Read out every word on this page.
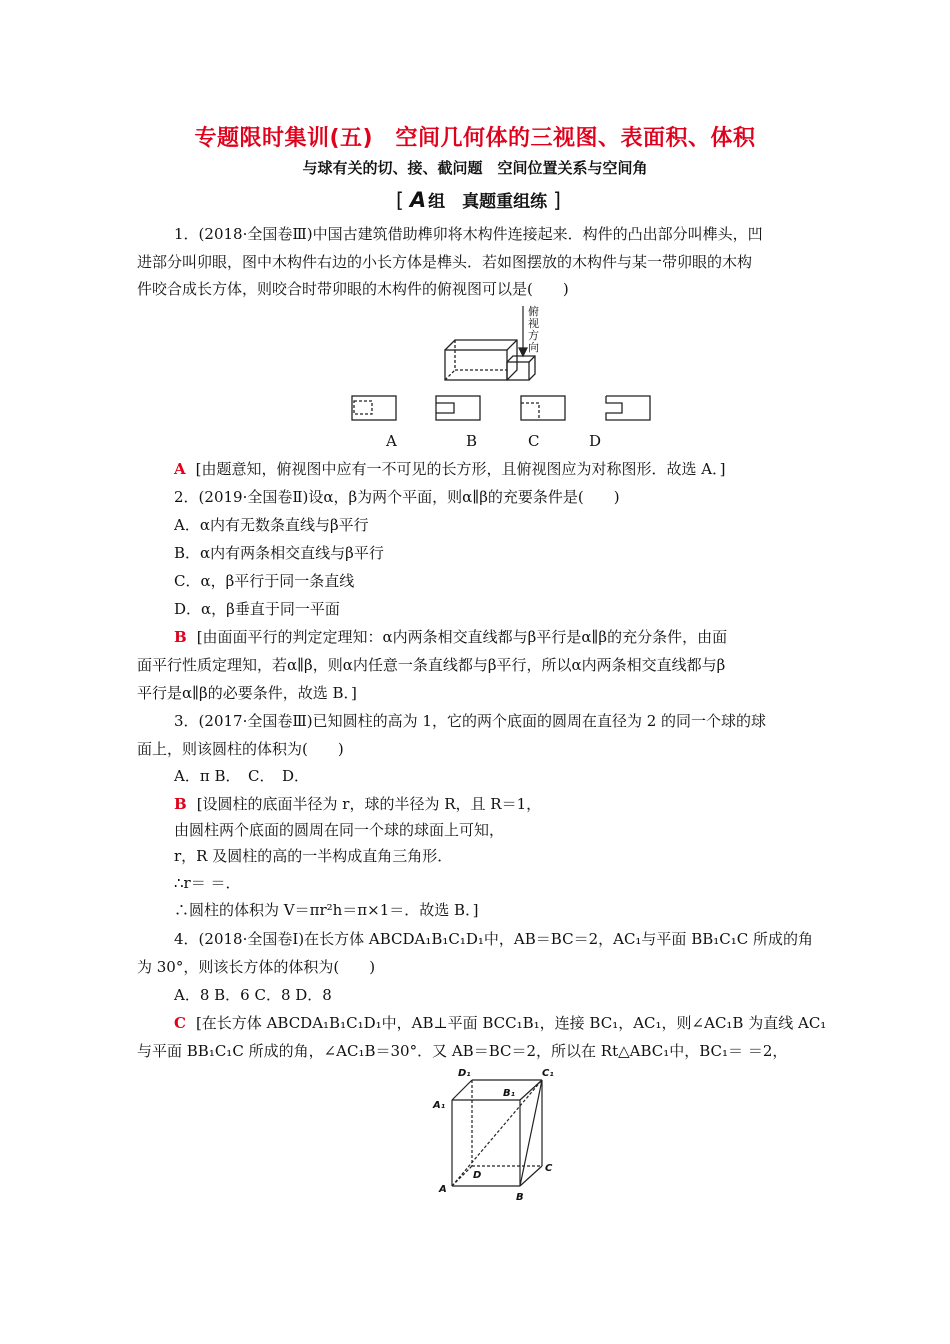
专题限时集训(五)　空间几何体的三视图、表面积、体积
与球有关的切、接、截问题　空间位置关系与空间角
[ A 组　真题重组练 ]
1．(2018·全国卷Ⅲ)中国古建筑借助榫卯将木构件连接起来．构件的凸出部分叫榫头，凹
进部分叫卯眼，图中木构件右边的小长方体是榫头．若如图摆放的木构件与某一带卯眼的木构
件咬合成长方体，则咬合时带卯眼的木构件的俯视图可以是(　　)
俯 视 方 向
A	B	C	D
A [由题意知，俯视图中应有一不可见的长方形，且俯视图应为对称图形．故选 A．]
2．(2019·全国卷Ⅱ)设α，β为两个平面，则α∥β的充要条件是(　　)
A．α内有无数条直线与β平行
B．α内有两条相交直线与β平行
C．α，β平行于同一条直线
D．α，β垂直于同一平面
B [由面面平行的判定定理知：α内两条相交直线都与β平行是α∥β的充分条件，由面
面平行性质定理知，若α∥β，则α内任意一条直线都与β平行，所以α内两条相交直线都与β
平行是α∥β的必要条件，故选 B．]
3．(2017·全国卷Ⅲ)已知圆柱的高为 1，它的两个底面的圆周在直径为 2 的同一个球的球
面上，则该圆柱的体积为(　　)
A．π B．　C．　D．
B [设圆柱的底面半径为 r，球的半径为 R，且 R＝1，
由圆柱两个底面的圆周在同一个球的球面上可知，
r，R 及圆柱的高的一半构成直角三角形．
∴r＝ ＝．
∴圆柱的体积为 V＝πr²h＝π×1＝．故选 B．]
4．(2018·全国卷Ⅰ)在长方体 ABCDA₁B₁C₁D₁中，AB＝BC＝2，AC₁与平面 BB₁C₁C 所成的角
为 30°，则该长方体的体积为(　　)
A．8 B．6 C．8 D．8
C [在长方体 ABCDA₁B₁C₁D₁中，AB⊥平面 BCC₁B₁，连接 BC₁，AC₁，则∠AC₁B 为直线 AC₁
与平面 BB₁C₁C 所成的角，∠AC₁B＝30°．又 AB＝BC＝2，所以在 Rt△ABC₁中，BC₁＝ ＝2，
D₁	C₁
A₁
B₁
D
C
A
B
